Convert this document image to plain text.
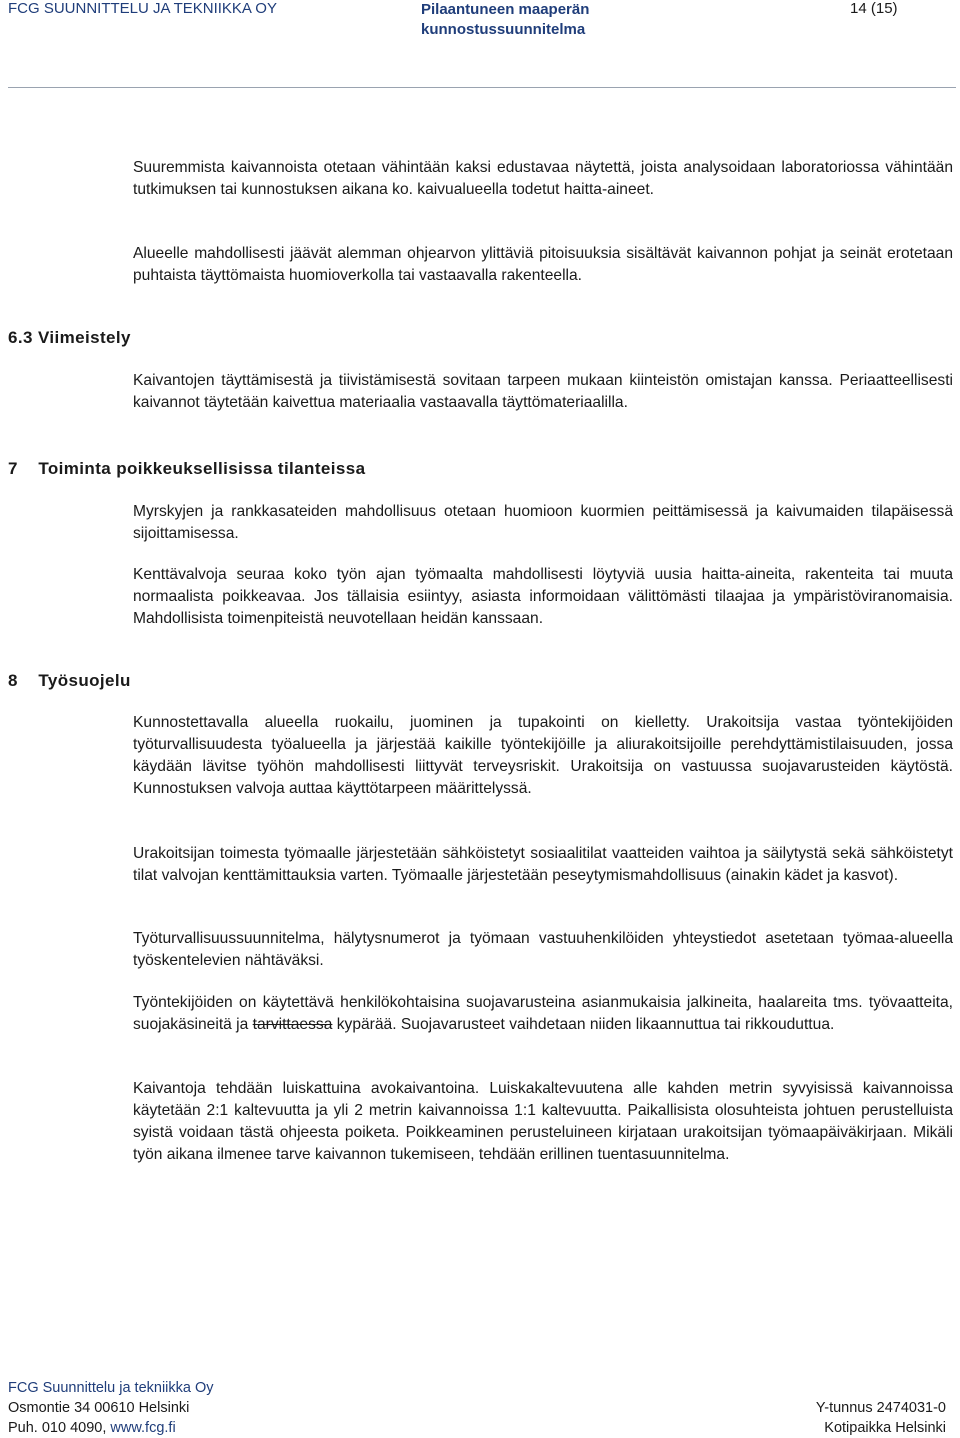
FCG SUUNNITTELU JA TEKNIIKKA OY	Pilaantuneen maaperän
kunnostussuunnitelma
14 (15)
Suuremmista kaivannoista otetaan vähintään kaksi edustavaa näytettä, joista analysoidaan laboratoriossa vähintään tutkimuksen tai kunnostuksen aikana ko. kaivualueella todetut haitta-aineet.
Alueelle mahdollisesti jäävät alemman ohjearvon ylittäviä pitoisuuksia sisältävät kaivannon pohjat ja seinät erotetaan puhtaista täyttömaista huomioverkolla tai vastaavalla rakenteella.
6.3 Viimeistely
Kaivantojen täyttämisestä ja tiivistämisestä sovitaan tarpeen mukaan kiinteistön omistajan kanssa. Periaatteellisesti kaivannot täytetään kaivettua materiaalia vastaavalla täyttömateriaalilla.
7    Toiminta poikkeuksellisissa tilanteissa
Myrskyjen ja rankkasateiden mahdollisuus otetaan huomioon kuormien peittämisessä ja kaivumaiden tilapäisessä sijoittamisessa.
Kenttävalvoja seuraa koko työn ajan työmaalta mahdollisesti löytyviä uusia haitta-aineita, rakenteita tai muuta normaalista poikkeavaa. Jos tällaisia esiintyy, asiasta informoidaan välittömästi tilaajaa ja ympäristöviranomaisia. Mahdollisista toimenpiteistä neuvotellaan heidän kanssaan.
8    Työsuojelu
Kunnostettavalla alueella ruokailu, juominen ja tupakointi on kielletty. Urakoitsija vastaa työntekijöiden työturvallisuudesta työalueella ja järjestää kaikille työntekijöille ja aliurakoitsijoille perehdyttämistilaisuuden, jossa käydään lävitse työhön mahdollisesti liittyvät terveysriskit. Urakoitsija on vastuussa suojavarusteiden käytöstä. Kunnostuksen valvoja auttaa käyttötarpeen määrittelyssä.
Urakoitsijan toimesta työmaalle järjestetään sähköistetyt sosiaalitilat vaatteiden vaihtoa ja säilytystä sekä sähköistetyt tilat valvojan kenttämittauksia varten. Työmaalle järjestetään peseytymismahdollisuus (ainakin kädet ja kasvot).
Työturvallisuussuunnitelma, hälytysnumerot ja työmaan vastuuhenkilöiden yhteystiedot asetetaan työmaa-alueella työskentelevien nähtäväksi.
Työntekijöiden on käytettävä henkilökohtaisina suojavarusteina asianmukaisia jalkineita, haalareita tms. työvaatteita, suojakäsineitä ja tarvittaessa kypärää. Suojavarusteet vaihdetaan niiden likaannuttua tai rikkouduttua.
Kaivantoja tehdään luiskattuina avokaivantoina. Luiskakaltevuutena alle kahden metrin syvyisissä kaivannoissa käytetään 2:1 kaltevuutta ja yli 2 metrin kaivannoissa 1:1 kaltevuutta. Paikallisista olosuhteista johtuen perustelluista syistä voidaan tästä ohjeesta poiketa. Poikkeaminen perusteluineen kirjataan urakoitsijan työmaapäiväkirjaan. Mikäli työn aikana ilmenee tarve kaivannon tukemiseen, tehdään erillinen tuentasuunnitelma.
FCG Suunnittelu ja tekniikka Oy
Osmontie 34 00610 Helsinki
Puh. 010 4090, www.fcg.fi
Y-tunnus 2474031-0
Kotipaikka Helsinki
